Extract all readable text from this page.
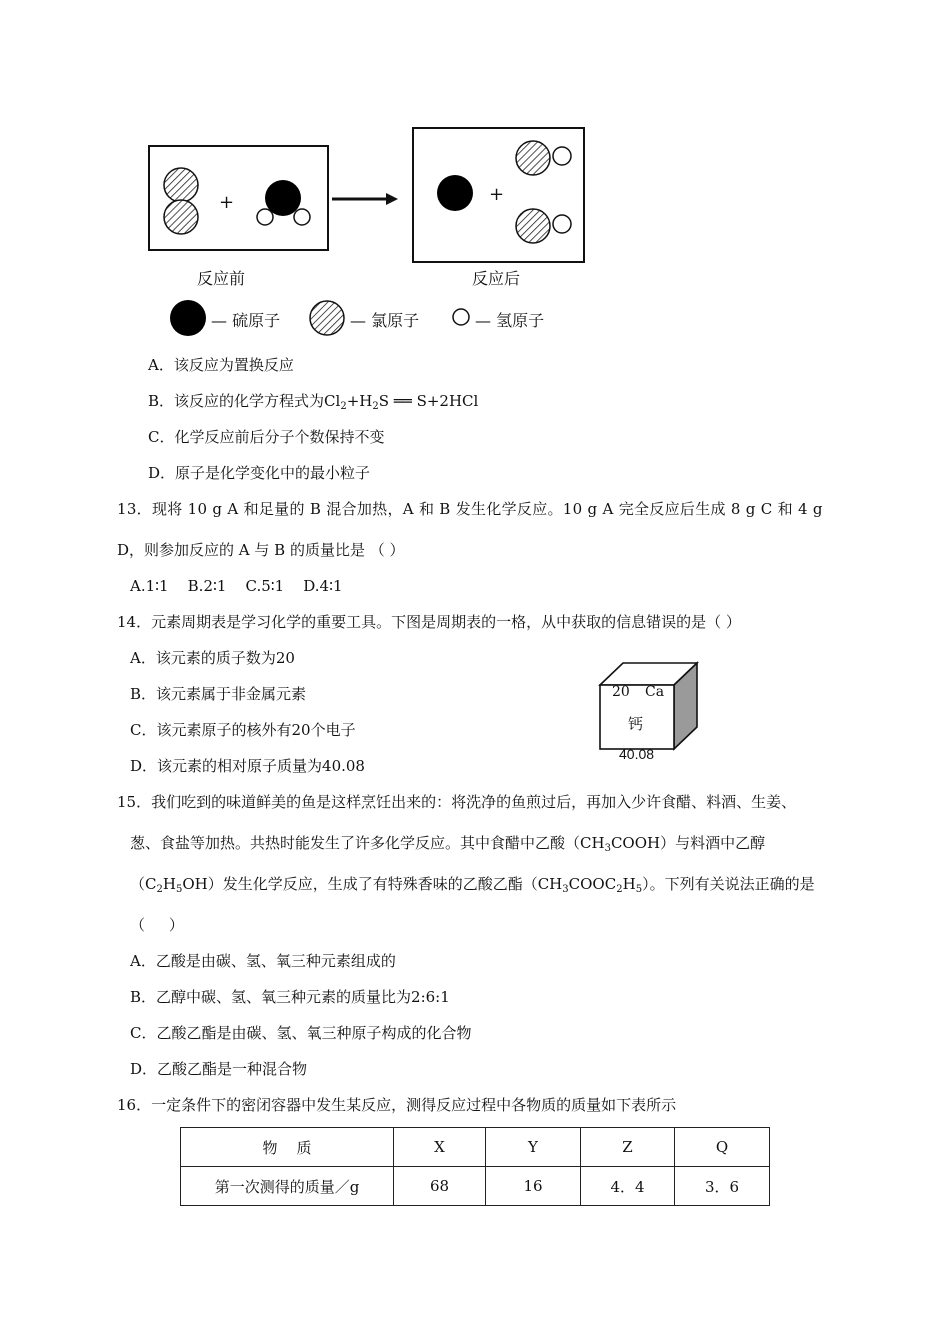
+	+
反应前	反应后
— 硫原子	— 氯原子	— 氢原子
A．该反应为置换反应
B．该反应的化学方程式为$Cl_2+H_2S$ ══ S+2HCl
C．化学反应前后分子个数保持不变
D．原子是化学变化中的最小粒子
13．现将 10 g A 和足量的 B 混合加热，A 和 B 发生化学反应。10 g A 完全反应后生成 8 g C 和 4 g
D，则参加反应的 A 与 B 的质量比是 （ ）
A.1∶1    B.2∶1    C.5∶1    D.4∶1
14．元素周期表是学习化学的重要工具。下图是周期表的一格，从中获取的信息错误的是（ ）
A．该元素的质子数为20
B．该元素属于非金属元素
C．该元素原子的核外有20个电子
D．该元素的相对原子质量为40.08
20 Ca
钙
40.08
15．我们吃到的味道鲜美的鱼是这样烹饪出来的：将洗净的鱼煎过后，再加入少许食醋、料酒、生姜、
葱、食盐等加热。共热时能发生了许多化学反应。其中食醋中乙酸$(CH_3COOH)$与料酒中乙醇
$(C_2H_5OH)$发生化学反应，生成了有特殊香味的乙酸乙酯$(CH_3COOC_2H_5)$。下列有关说法正确的是
（     ）
A．乙酸是由碳、氢、氧三种元素组成的
B．乙醇中碳、氢、氧三种元素的质量比为2:6:1
C．乙酸乙酯是由碳、氢、氧三种原子构成的化合物
D．乙酸乙酯是一种混合物
16．一定条件下的密闭容器中发生某反应，测得反应过程中各物质的质量如下表所示
物    质	X	Y	Z	Q
第一次测得的质量／g	68	16	4．4	3．6
